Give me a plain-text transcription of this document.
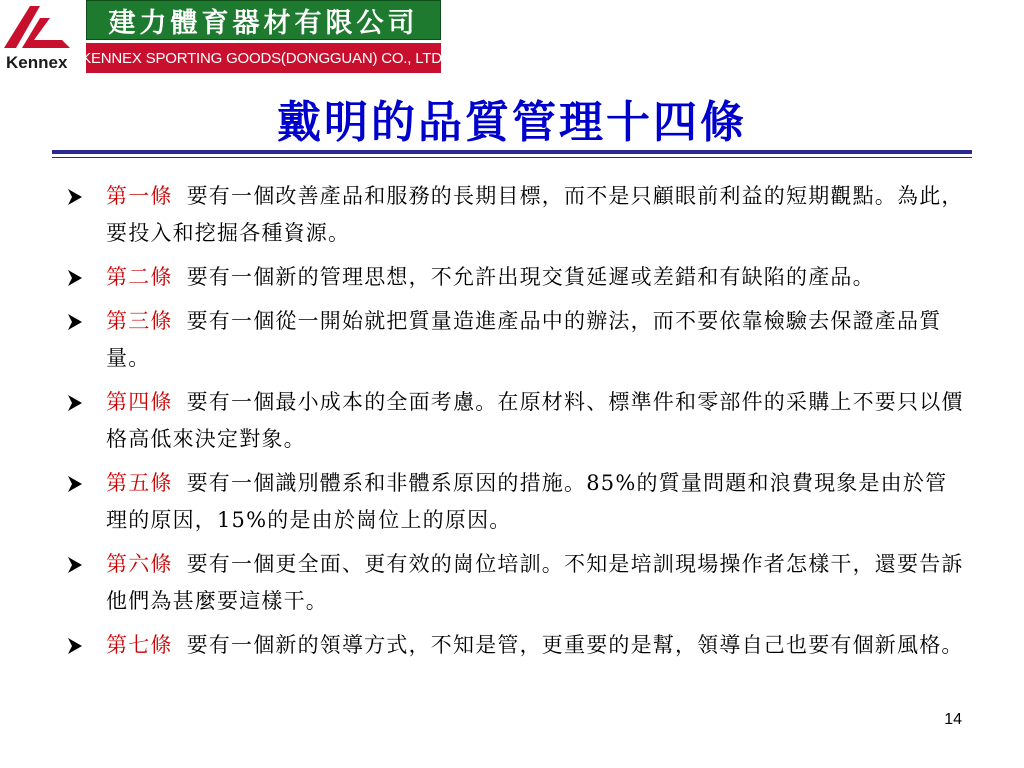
Kennex
建力體育器材有限公司
KENNEX SPORTING GOODS(DONGGUAN) CO., LTD.
戴明的品質管理十四條
第一條 要有一個改善產品和服務的長期目標，而不是只顧眼前利益的短期觀點。為此，要投入和挖掘各種資源。
第二條 要有一個新的管理思想，不允許出現交貨延遲或差錯和有缺陷的產品。
第三條 要有一個從一開始就把質量造進產品中的辦法，而不要依靠檢驗去保證產品質量。
第四條 要有一個最小成本的全面考慮。在原材料、標準件和零部件的采購上不要只以價格高低來決定對象。
第五條 要有一個識別體系和非體系原因的措施。85%的質量問題和浪費現象是由於管理的原因，15%的是由於崗位上的原因。
第六條 要有一個更全面、更有效的崗位培訓。不知是培訓現場操作者怎樣干，還要告訴他們為甚麼要這樣干。
第七條 要有一個新的領導方式，不知是管，更重要的是幫，領導自己也要有個新風格。
14
